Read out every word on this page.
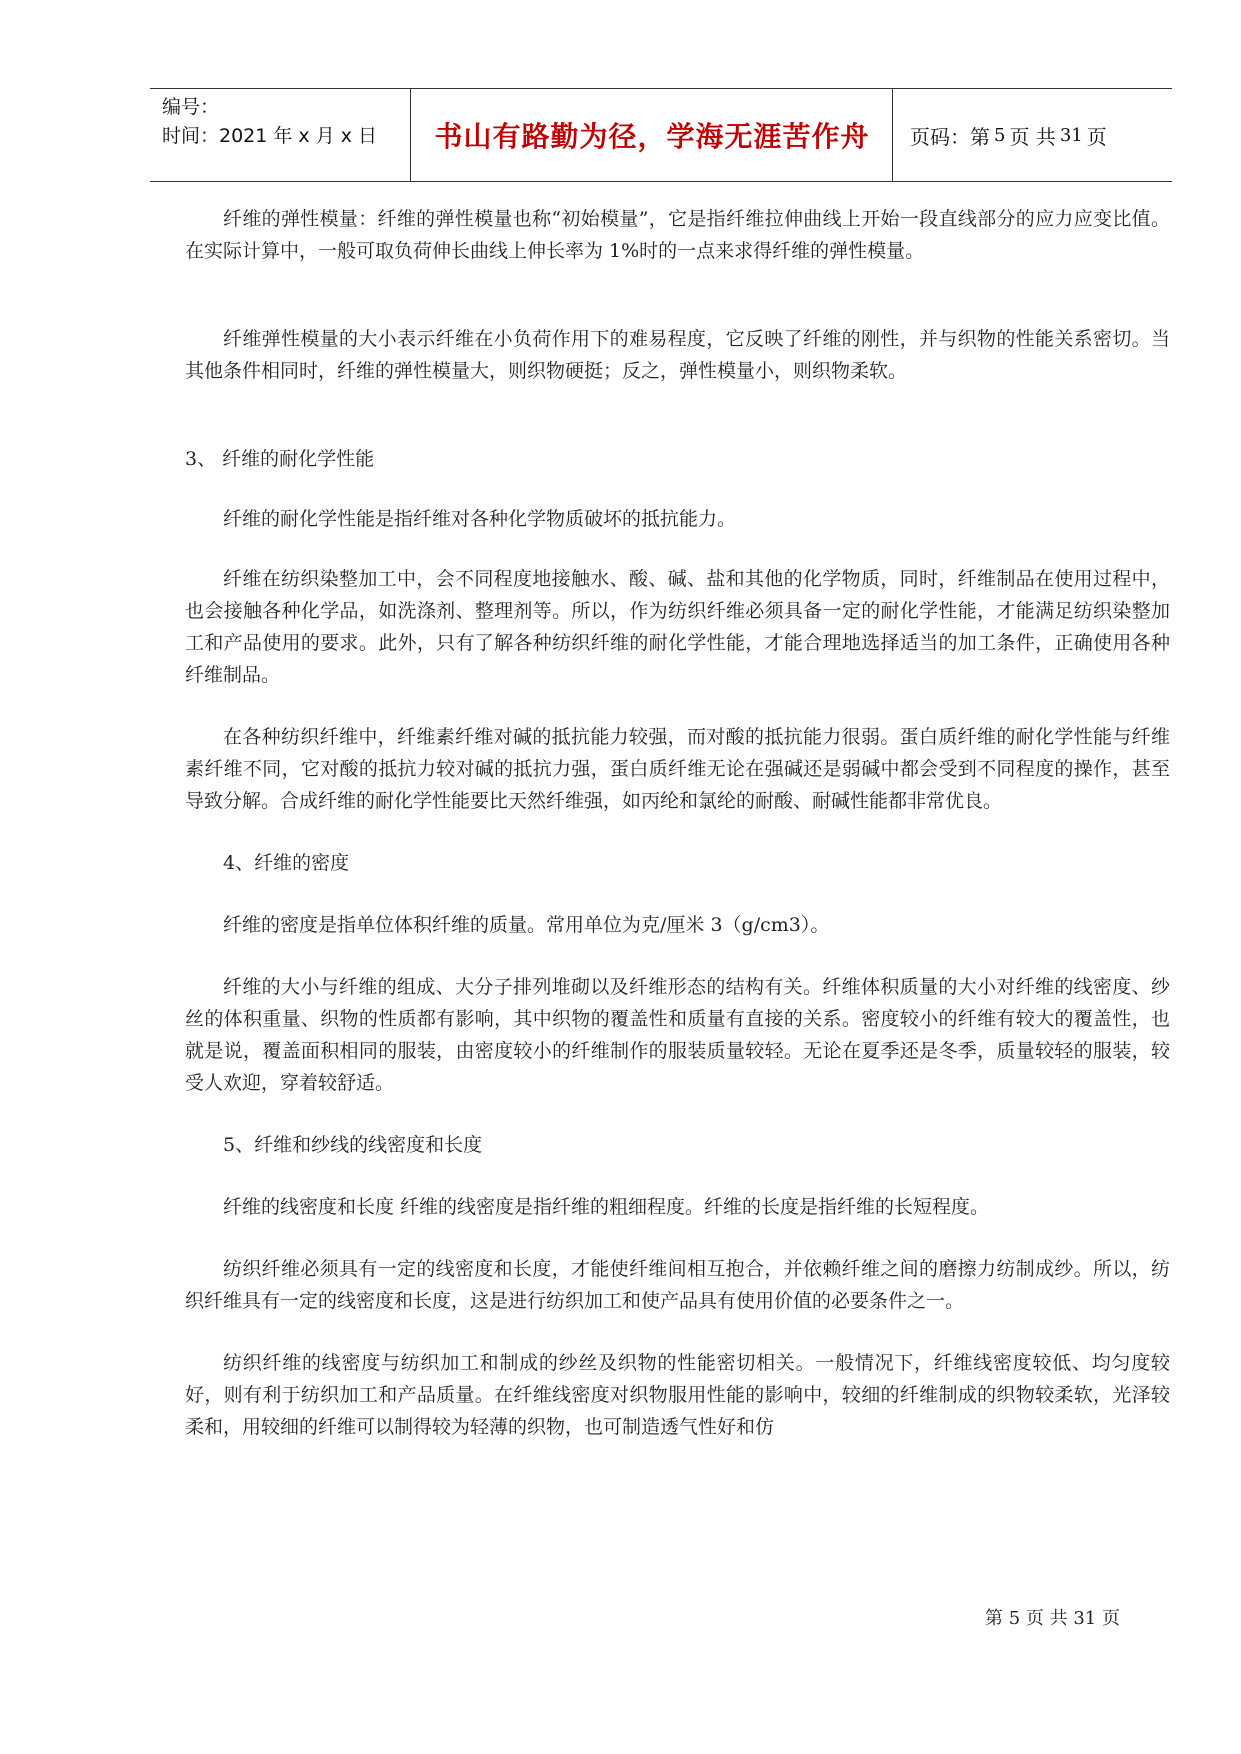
编号：
时间：2021 年 x 月 x 日	书山有路勤为径，学海无涯苦作舟	页码：第 5 页 共 31 页

纤维的弹性模量：纤维的弹性模量也称“初始模量”，它是指纤维拉伸曲线上开始一段直线部分的应力应变比值。在实际计算中，一般可取负荷伸长曲线上伸长率为 1%时的一点来求得纤维的弹性模量。

纤维弹性模量的大小表示纤维在小负荷作用下的难易程度，它反映了纤维的刚性，并与织物的性能关系密切。当其他条件相同时，纤维的弹性模量大，则织物硬挺；反之，弹性模量小，则织物柔软。

3、 纤维的耐化学性能

纤维的耐化学性能是指纤维对各种化学物质破坏的抵抗能力。

纤维在纺织染整加工中，会不同程度地接触水、酸、碱、盐和其他的化学物质，同时，纤维制品在使用过程中，也会接触各种化学品，如洗涤剂、整理剂等。所以，作为纺织纤维必须具备一定的耐化学性能，才能满足纺织染整加工和产品使用的要求。此外，只有了解各种纺织纤维的耐化学性能，才能合理地选择适当的加工条件，正确使用各种纤维制品。

在各种纺织纤维中，纤维素纤维对碱的抵抗能力较强，而对酸的抵抗能力很弱。蛋白质纤维的耐化学性能与纤维素纤维不同，它对酸的抵抗力较对碱的抵抗力强，蛋白质纤维无论在强碱还是弱碱中都会受到不同程度的操作，甚至导致分解。合成纤维的耐化学性能要比天然纤维强，如丙纶和氯纶的耐酸、耐碱性能都非常优良。

4、纤维的密度

纤维的密度是指单位体积纤维的质量。常用单位为克/厘米 3（g/cm3）。

纤维的大小与纤维的组成、大分子排列堆砌以及纤维形态的结构有关。纤维体积质量的大小对纤维的线密度、纱丝的体积重量、织物的性质都有影响，其中织物的覆盖性和质量有直接的关系。密度较小的纤维有较大的覆盖性，也就是说，覆盖面积相同的服装，由密度较小的纤维制作的服装质量较轻。无论在夏季还是冬季，质量较轻的服装，较受人欢迎，穿着较舒适。

5、纤维和纱线的线密度和长度

纤维的线密度和长度 纤维的线密度是指纤维的粗细程度。纤维的长度是指纤维的长短程度。

纺织纤维必须具有一定的线密度和长度，才能使纤维间相互抱合，并依赖纤维之间的磨擦力纺制成纱。所以，纺织纤维具有一定的线密度和长度，这是进行纺织加工和使产品具有使用价值的必要条件之一。

纺织纤维的线密度与纺织加工和制成的纱丝及织物的性能密切相关。一般情况下，纤维线密度较低、均匀度较好，则有利于纺织加工和产品质量。在纤维线密度对织物服用性能的影响中，较细的纤维制成的织物较柔软，光泽较柔和，用较细的纤维可以制得较为轻薄的织物，也可制造透气性好和仿

第 5 页 共 31 页
